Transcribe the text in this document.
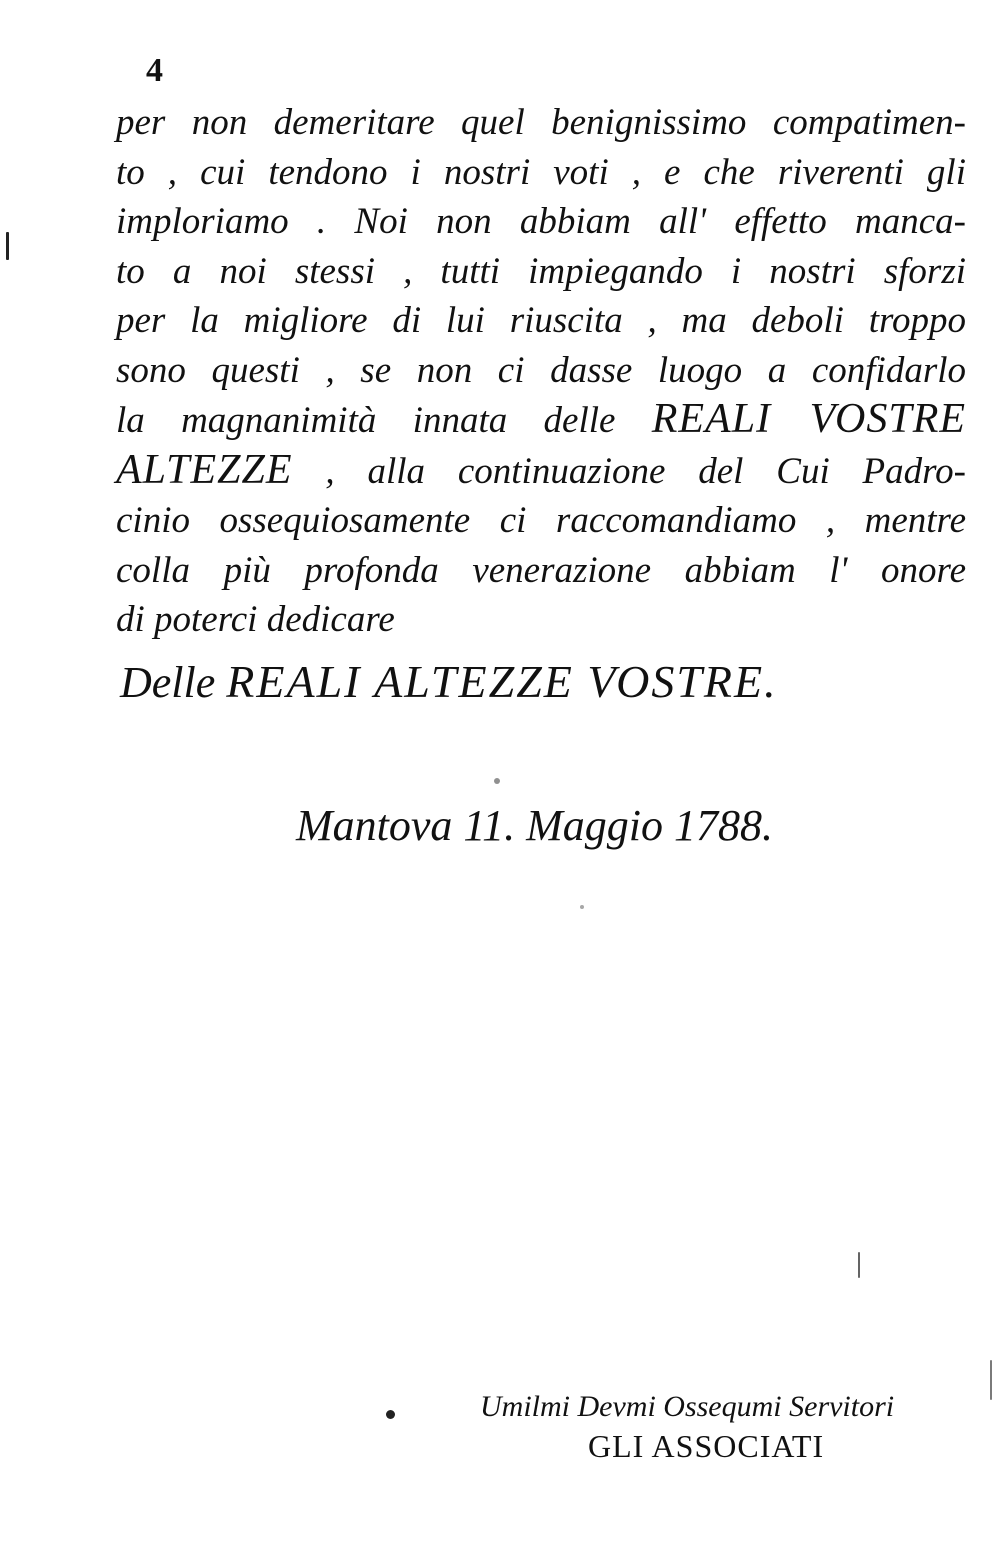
4
per non demeritare quel benignissimo compatimen-
to , cui tendono i nostri voti , e che riverenti gli
imploriamo . Noi non abbiam all' effetto manca-
to a noi stessi , tutti impiegando i nostri sforzi
per la migliore di lui riuscita , ma deboli troppo
sono questi , se non ci dasse luogo a confidarlo
la magnanimità innata delle REALI VOSTRE
ALTEZZE , alla continuazione del Cui Padro-
cinio ossequiosamente ci raccomandiamo , mentre
colla più profonda venerazione abbiam l' onore
di poterci dedicare
Delle REALI ALTEZZE VOSTRE.
Mantova 11. Maggio 1788.
Umilmi Devmi Ossequmi Servitori
GLI ASSOCIATI
